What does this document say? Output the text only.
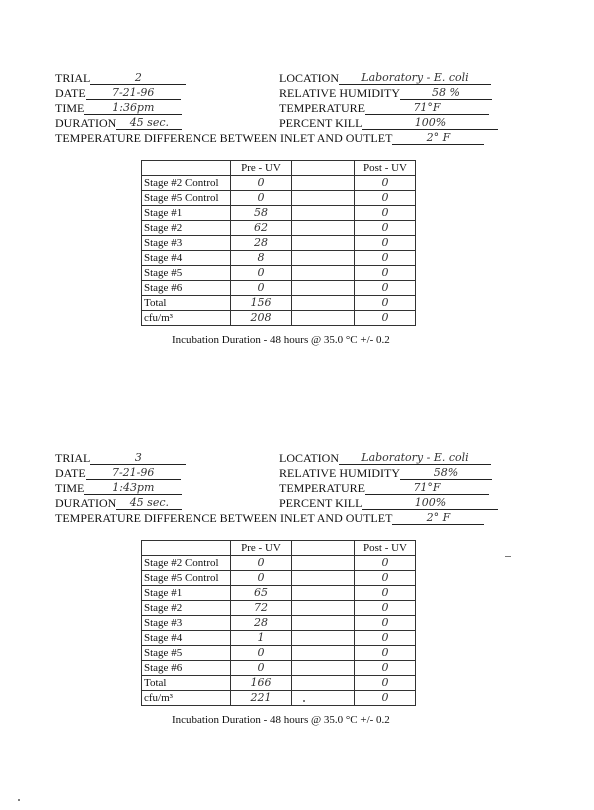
TRIAL	2
DATE 7-21-96
TIME	1:36pm
DURATION 45 sec.
LOCATION Laboratory - E. coli
RELATIVE HUMIDITY	58 %
TEMPERATURE	71°F
PERCENT KILL	100%
TEMPERATURE DIFFERENCE BETWEEN INLET AND OUTLET	2° F
	Pre - UV		Post - UV
Stage #2 Control	0		0
Stage #5 Control	0		0
Stage #1	58		0
Stage #2	62		0
Stage #3	28		0
Stage #4	8		0
Stage #5	0		0
Stage #6	0		0
Total	156		0
cfu/m³	208		0
Incubation Duration - 48 hours @ 35.0 °C +/- 0.2
TRIAL	3
DATE 7-21-96
TIME	1:43pm
DURATION 45 sec.
LOCATION Laboratory - E. coli
RELATIVE HUMIDITY	58%
TEMPERATURE	71°F
PERCENT KILL	100%
TEMPERATURE DIFFERENCE BETWEEN INLET AND OUTLET	2° F
	Pre - UV		Post - UV
Stage #2 Control	0		0
Stage #5 Control	0		0
Stage #1	65		0
Stage #2	72		0
Stage #3	28		0
Stage #4	1		0
Stage #5	0		0
Stage #6	0		0
Total	166		0
cfu/m³	221		0
Incubation Duration - 48 hours @ 35.0 °C +/- 0.2
